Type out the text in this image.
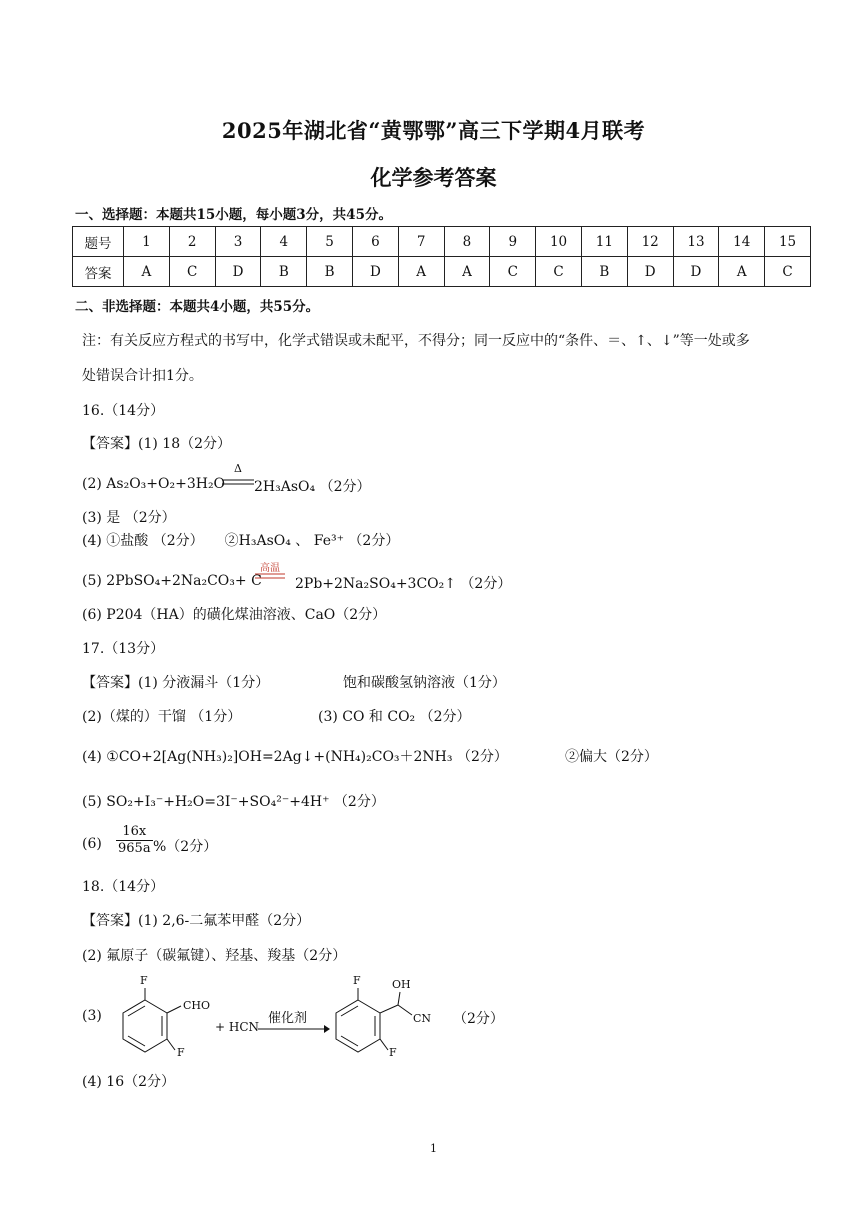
2025年湖北省“黄鄂鄂”高三下学期4月联考
化学参考答案
一、选择题：本题共15小题，每小题3分，共45分。
题号	1	2	3	4	5	6	7	8	9	10	11	12	13	14	15
答案	A	C	D	B	B	D	A	A	C	C	B	D	D	A	C
二、非选择题：本题共4小题，共55分。
注：有关反应方程式的书写中，化学式错误或未配平，不得分；同一反应中的“条件、＝、↑、↓”等一处或多
处错误合计扣1分。
16.（14分）
【答案】(1) 18（2分）
(2) As₂O₃+O₂+3H₂O
Δ
2H₃AsO₄ （2分）
(3) 是 （2分）
(4) ①盐酸 （2分）　　②H₃AsO₄ 、 Fe³⁺ （2分）
(5) 2PbSO₄+2Na₂CO₃+ C
高温
2Pb+2Na₂SO₄+3CO₂↑ （2分）
(6) P204（HA）的磺化煤油溶液、CaO（2分）
17.（13分）
【答案】(1) 分液漏斗（1分）	饱和碳酸氢钠溶液（1分）
(2)（煤的）干馏 （1分）	(3) CO 和 CO₂ （2分）
(4) ①CO+2[Ag(NH₃)₂]OH=2Ag↓+(NH₄)₂CO₃＋2NH₃ （2分）	②偏大（2分）
(5) SO₂+I₃⁻+H₂O=3I⁻+SO₄²⁻+4H⁺ （2分）
$(6) \frac{16x}{965a} \%(2$分）
18.（14分）
【答案】(1) 2,6-二氟苯甲醛（2分）
(2) 氟原子（碳氟键）、羟基、羧基（2分）
(3)
F
CHO
F
+ HCN
催化剂
F	OH
CN
F
（2分）
(4) 16（2分）
1
